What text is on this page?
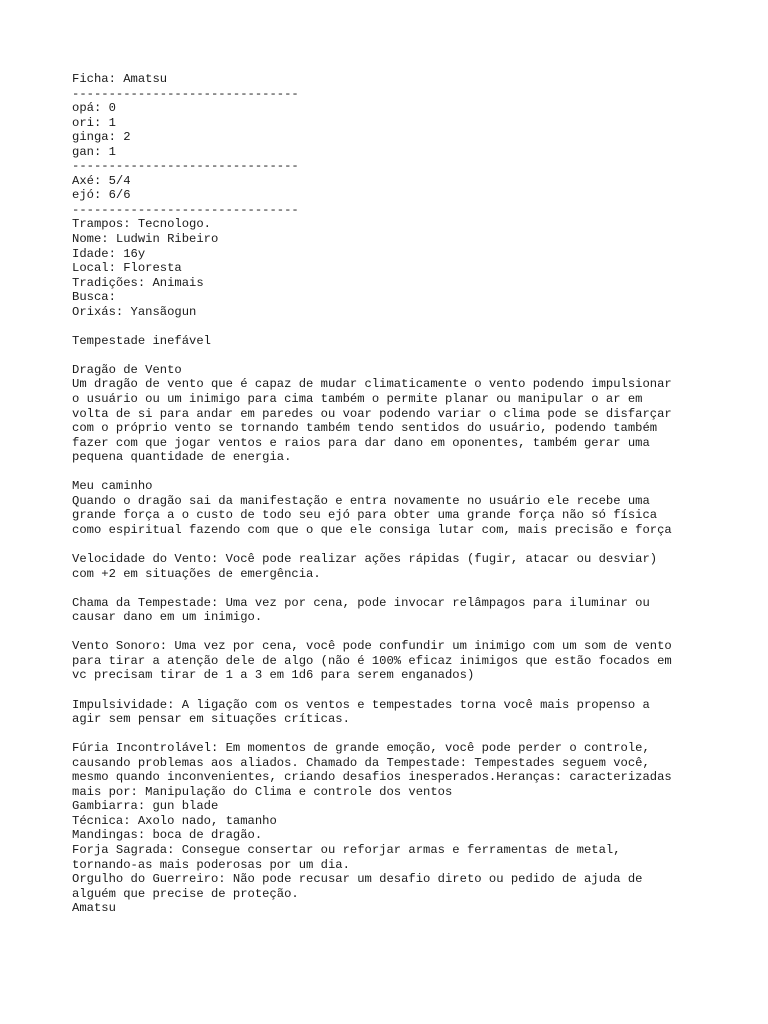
Ficha: Amatsu
-------------------------------
opá: 0
ori: 1
ginga: 2
gan: 1
-------------------------------
Axé: 5/4
ejó: 6/6
-------------------------------
Trampos: Tecnologo.
Nome: Ludwin Ribeiro
Idade: 16y
Local: Floresta
Tradições: Animais
Busca:
Orixás: Yansãogun
Tempestade inefável
Dragão de Vento
Um dragão de vento que é capaz de mudar climaticamente o vento podendo impulsionar
o usuário ou um inimigo para cima também o permite planar ou manipular o ar em
volta de si para andar em paredes ou voar podendo variar o clima pode se disfarçar
com o próprio vento se tornando também tendo sentidos do usuário, podendo também
fazer com que jogar ventos e raios para dar dano em oponentes, também gerar uma
pequena quantidade de energia.
Meu caminho
Quando o dragão sai da manifestação e entra novamente no usuário ele recebe uma
grande força a o custo de todo seu ejó para obter uma grande força não só física
como espiritual fazendo com que o que ele consiga lutar com, mais precisão e força
Velocidade do Vento: Você pode realizar ações rápidas (fugir, atacar ou desviar)
com +2 em situações de emergência.
Chama da Tempestade: Uma vez por cena, pode invocar relâmpagos para iluminar ou
causar dano em um inimigo.
Vento Sonoro: Uma vez por cena, você pode confundir um inimigo com um som de vento
para tirar a atenção dele de algo (não é 100% eficaz inimigos que estão focados em
vc precisam tirar de 1 a 3 em 1d6 para serem enganados)
Impulsividade: A ligação com os ventos e tempestades torna você mais propenso a
agir sem pensar em situações críticas.
Fúria Incontrolável: Em momentos de grande emoção, você pode perder o controle,
causando problemas aos aliados. Chamado da Tempestade: Tempestades seguem você,
mesmo quando inconvenientes, criando desafios inesperados.Heranças: caracterizadas
mais por: Manipulação do Clima e controle dos ventos
Gambiarra: gun blade
Técnica: Axolo nado, tamanho
Mandingas: boca de dragão.
Forja Sagrada: Consegue consertar ou reforjar armas e ferramentas de metal,
tornando-as mais poderosas por um dia.
Orgulho do Guerreiro: Não pode recusar um desafio direto ou pedido de ajuda de
alguém que precise de proteção.
Amatsu
